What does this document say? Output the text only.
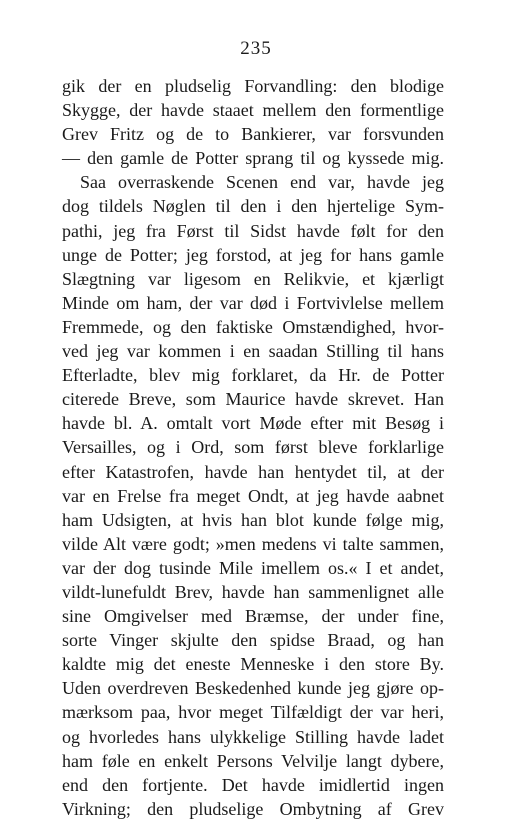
235
gik der en pludselig Forvandling: den blodige
Skygge, der havde staaet mellem den formentlige
Grev Fritz og de to Bankierer, var forsvunden
— den gamle de Potter sprang til og kyssede mig.
Saa overraskende Scenen end var, havde jeg
dog tildels Nøglen til den i den hjertelige Sym-
pathi, jeg fra Først til Sidst havde følt for den
unge de Potter; jeg forstod, at jeg for hans gamle
Slægtning var ligesom en Relikvie, et kjærligt
Minde om ham, der var død i Fortvivlelse mellem
Fremmede, og den faktiske Omstændighed, hvor-
ved jeg var kommen i en saadan Stilling til hans
Efterladte, blev mig forklaret, da Hr. de Potter
citerede Breve, som Maurice havde skrevet. Han
havde bl. A. omtalt vort Møde efter mit Besøg i
Versailles, og i Ord, som først bleve forklarlige
efter Katastrofen, havde han hentydet til, at der
var en Frelse fra meget Ondt, at jeg havde aabnet
ham Udsigten, at hvis han blot kunde følge mig,
vilde Alt være godt; »men medens vi talte sammen,
var der dog tusinde Mile imellem os.« I et andet,
vildt-lunefuldt Brev, havde han sammenlignet alle
sine Omgivelser med Bræmse, der under fine,
sorte Vinger skjulte den spidse Braad, og han
kaldte mig det eneste Menneske i den store By.
Uden overdreven Beskedenhed kunde jeg gjøre op-
mærksom paa, hvor meget Tilfældigt der var heri,
og hvorledes hans ulykkelige Stilling havde ladet
ham føle en enkelt Persons Velvilje langt dybere,
end den fortjente. Det havde imidlertid ingen
Virkning; den pludselige Ombytning af Grev
